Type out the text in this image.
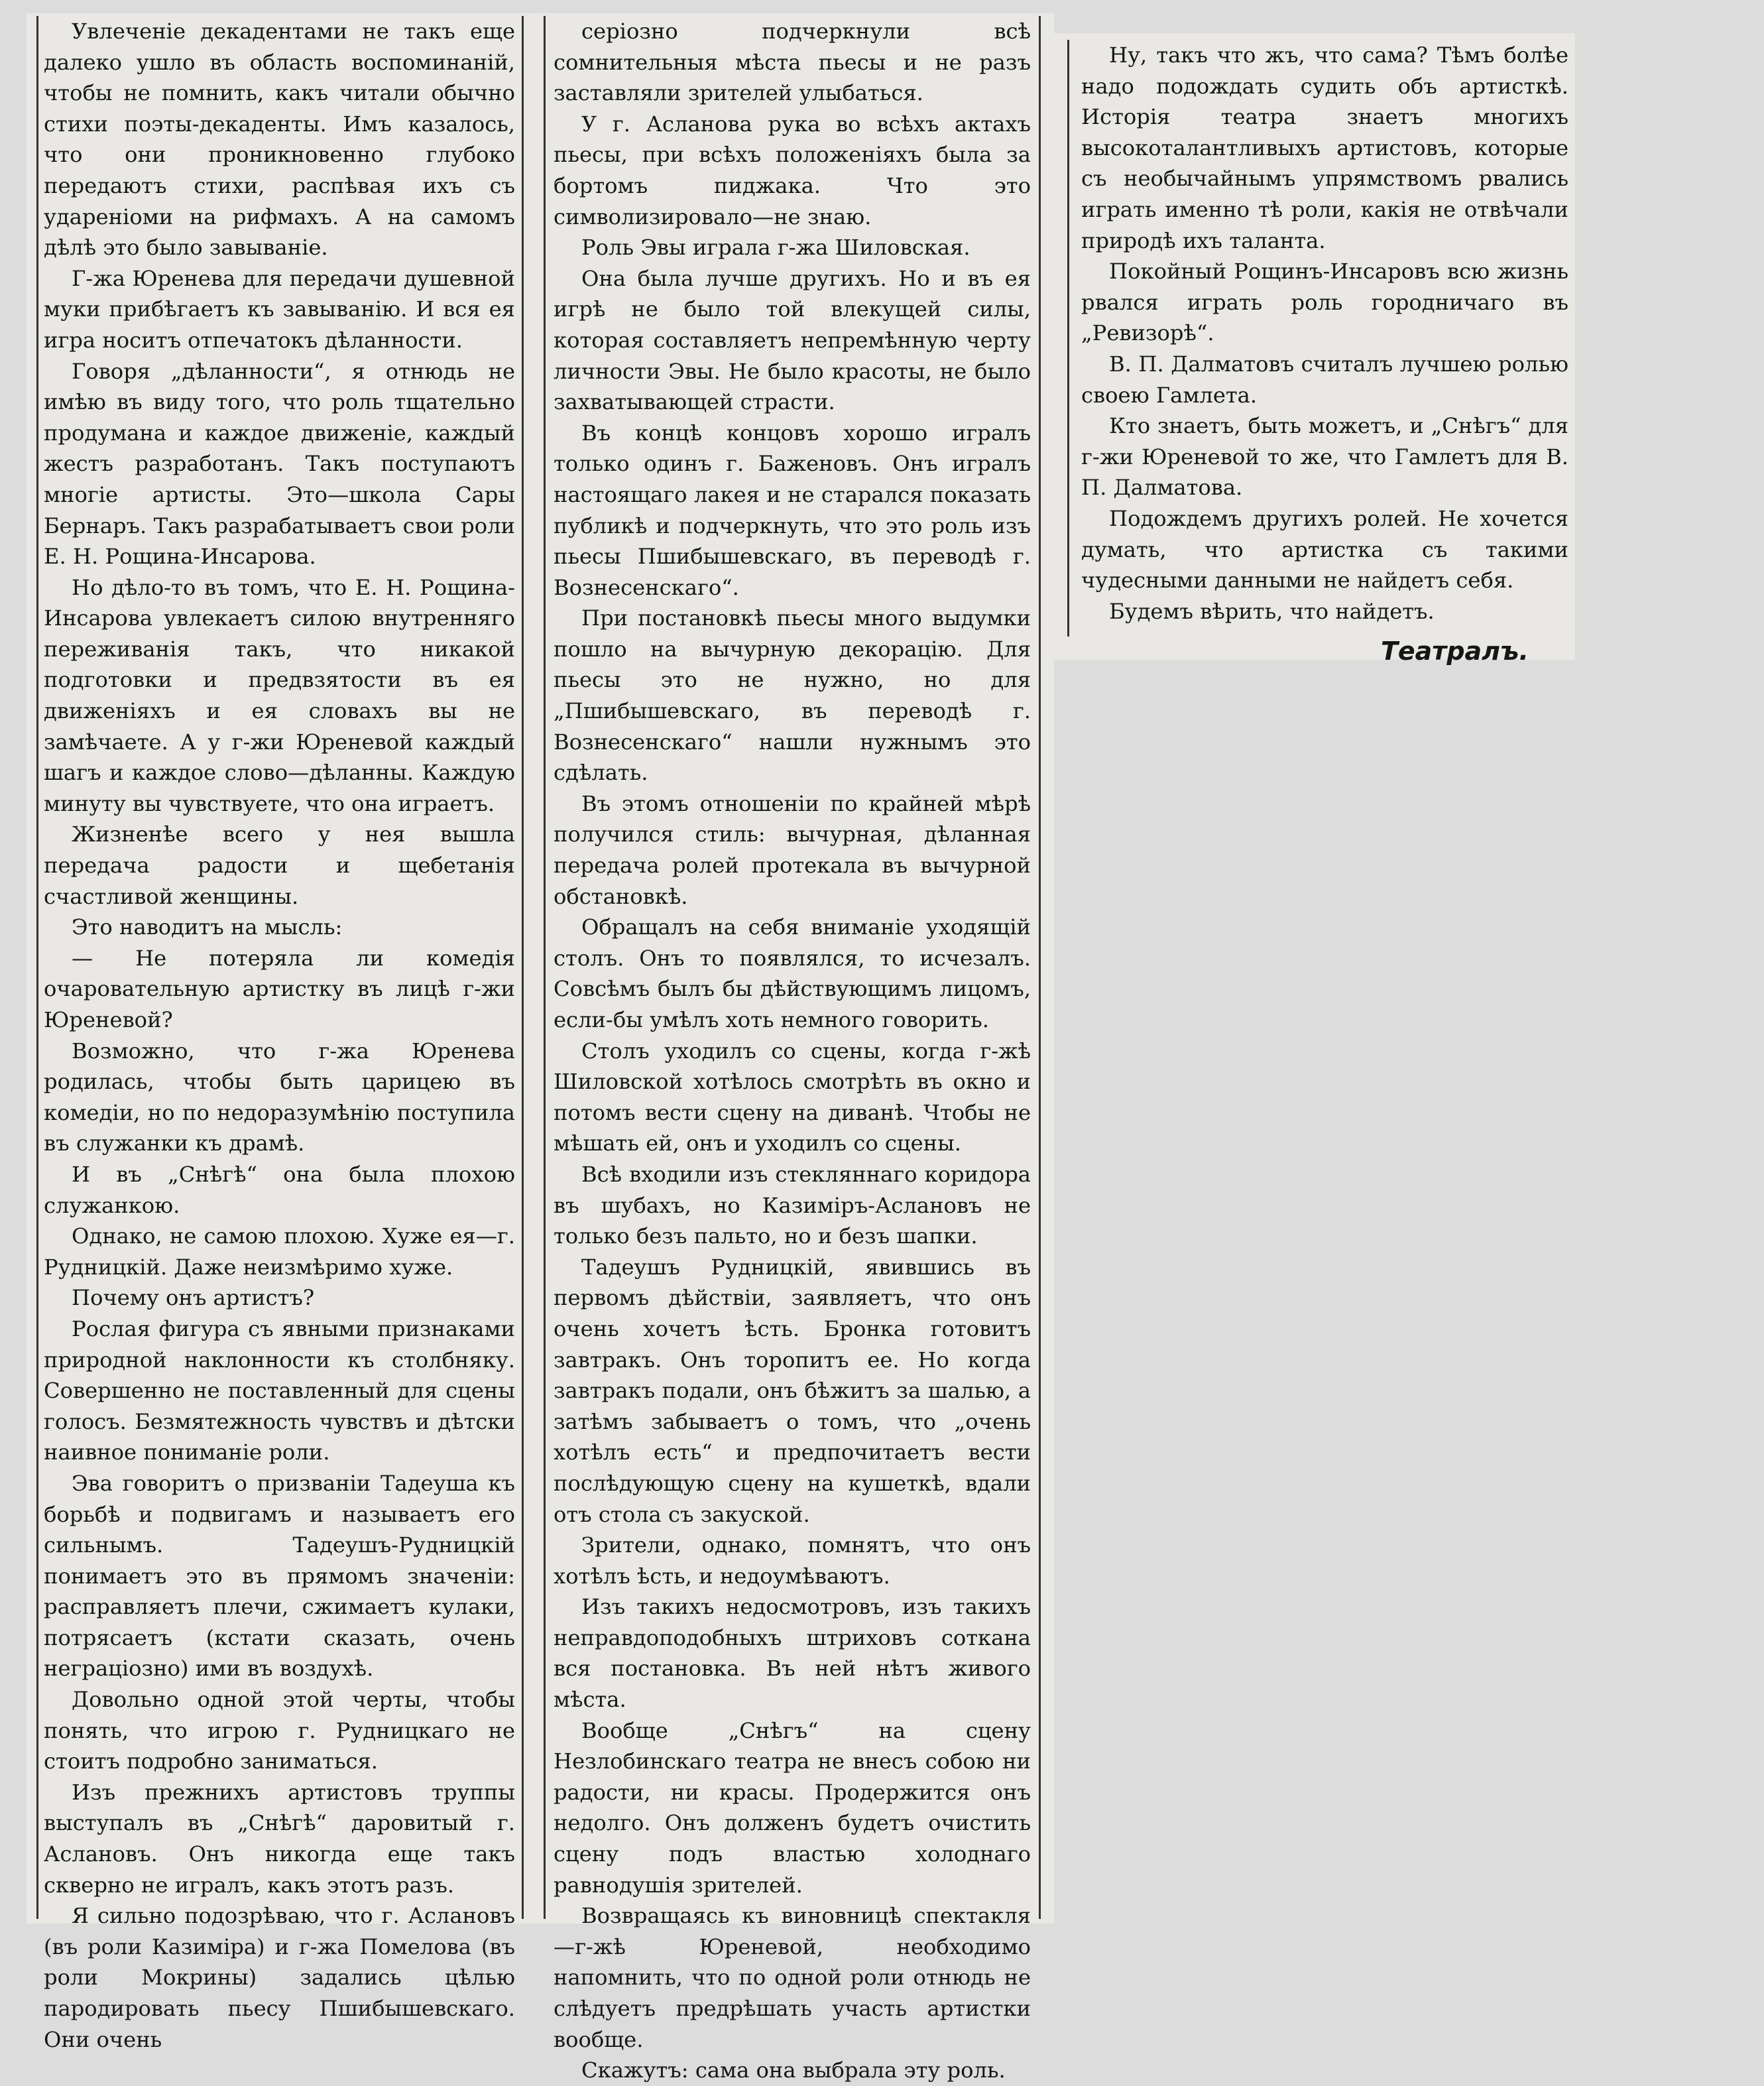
Увлеченіе декадентами не такъ еще далеко ушло въ область воспоминаній, чтобы не помнить, какъ читали обычно стихи поэты-декаденты. Имъ казалось, что они проникновенно глубоко передаютъ стихи, распѣвая ихъ съ удареніоми на рифмахъ. А на самомъ дѣлѣ это было завываніе.

Г-жа Юренева для передачи душевной муки прибѣгаетъ къ завыванію. И вся ея игра носитъ отпечатокъ дѣланности.

Говоря „дѣланности“, я отнюдь не имѣю въ виду того, что роль тщательно продумана и каждое движеніе, каждый жестъ разработанъ. Такъ поступаютъ многіе артисты. Это—школа Сары Бернаръ. Такъ разрабатываетъ свои роли Е. Н. Рощина-Инсарова.

Но дѣло-то въ томъ, что Е. Н. Рощина-Инсарова увлекаетъ силою внутренняго переживанія такъ, что никакой подготовки и предвзятости въ ея движеніяхъ и ея словахъ вы не замѣчаете. А у г-жи Юреневой каждый шагъ и каждое слово—дѣланны. Каждую минуту вы чувствуете, что она играетъ.

Жизненѣе всего у нея вышла передача радости и щебетанія счастливой женщины.

Это наводитъ на мысль:

— Не потеряла ли комедія очаровательную артистку въ лицѣ г-жи Юреневой?

Возможно, что г-жа Юренева родилась, чтобы быть царицею въ комедіи, но по недоразумѣнію поступила въ служанки къ драмѣ.

И въ „Снѣгѣ“ она была плохою служанкою.

Однако, не самою плохою. Хуже ея—г. Рудницкій. Даже неизмѣримо хуже.

Почему онъ артистъ?

Рослая фигура съ явными признаками природной наклонности къ столбняку. Совершенно не поставленный для сцены голосъ. Безмятежность чувствъ и дѣтски наивное пониманіе роли.

Эва говоритъ о призваніи Тадеуша къ борьбѣ и подвигамъ и называетъ его сильнымъ. Тадеушъ-Рудницкій понимаетъ это въ прямомъ значеніи: расправляетъ плечи, сжимаетъ кулаки, потрясаетъ (кстати сказать, очень неграціозно) ими въ воздухѣ.

Довольно одной этой черты, чтобы понять, что игрою г. Рудницкаго не стоитъ подробно заниматься.

Изъ прежнихъ артистовъ труппы выступалъ въ „Снѣгѣ“ даровитый г. Аслановъ. Онъ никогда еще такъ скверно не игралъ, какъ этотъ разъ.

Я сильно подозрѣваю, что г. Аслановъ (въ роли Казиміра) и г-жа Помелова (въ роли Мокрины) задались цѣлью пародировать пьесу Пшибышевскаго. Они очень

серіозно подчеркнули всѣ сомнительныя мѣста пьесы и не разъ заставляли зрителей улыбаться.

У г. Асланова рука во всѣхъ актахъ пьесы, при всѣхъ положеніяхъ была за бортомъ пиджака. Что это символизировало—не знаю.

Роль Эвы играла г-жа Шиловская.

Она была лучше другихъ. Но и въ ея игрѣ не было той влекущей силы, которая составляетъ непремѣнную черту личности Эвы. Не было красоты, не было захватывающей страсти.

Въ концѣ концовъ хорошо игралъ только одинъ г. Баженовъ. Онъ игралъ настоящаго лакея и не старался показать публикѣ и подчеркнуть, что это роль изъ пьесы Пшибышевскаго, въ переводѣ г. Вознесенскаго“.

При постановкѣ пьесы много выдумки пошло на вычурную декорацію. Для пьесы это не нужно, но для „Пшибышевскаго, въ переводѣ г. Вознесенскаго“ нашли нужнымъ это сдѣлать.

Въ этомъ отношеніи по крайней мѣрѣ получился стиль: вычурная, дѣланная передача ролей протекала въ вычурной обстановкѣ.

Обращалъ на себя вниманіе уходящій столъ. Онъ то появлялся, то исчезалъ. Совсѣмъ былъ бы дѣйствующимъ лицомъ, если-бы умѣлъ хоть немного говорить.

Столъ уходилъ со сцены, когда г-жѣ Шиловской хотѣлось смотрѣть въ окно и потомъ вести сцену на диванѣ. Чтобы не мѣшать ей, онъ и уходилъ со сцены.

Всѣ входили изъ стекляннаго коридора въ шубахъ, но Казиміръ-Аслановъ не только безъ пальто, но и безъ шапки.

Тадеушъ Рудницкій, явившись въ первомъ дѣйствіи, заявляетъ, что онъ очень хочетъ ѣсть. Бронка готовитъ завтракъ. Онъ торопитъ ее. Но когда завтракъ подали, онъ бѣжитъ за шалью, а затѣмъ забываетъ о томъ, что „очень хотѣлъ есть“ и предпочитаетъ вести послѣдующую сцену на кушеткѣ, вдали отъ стола съ закуской.

Зрители, однако, помнятъ, что онъ хотѣлъ ѣсть, и недоумѣваютъ.

Изъ такихъ недосмотровъ, изъ такихъ неправдоподобныхъ штриховъ соткана вся постановка. Въ ней нѣтъ живого мѣста.

Вообще „Снѣгъ“ на сцену Незлобинскаго театра не внесъ собою ни радости, ни красы. Продержится онъ недолго. Онъ долженъ будетъ очистить сцену подъ властью холоднаго равнодушія зрителей.

Возвращаясь къ виновницѣ спектакля—г-жѣ Юреневой, необходимо напомнить, что по одной роли отнюдь не слѣдуетъ предрѣшать участь артистки вообще.

Скажутъ: сама она выбрала эту роль.

Ну, такъ что жъ, что сама? Тѣмъ болѣе надо подождать судить объ артисткѣ. Исторія театра знаетъ многихъ высокоталантливыхъ артистовъ, которые съ необычайнымъ упрямствомъ рвались играть именно тѣ роли, какія не отвѣчали природѣ ихъ таланта.

Покойный Рощинъ-Инсаровъ всю жизнь рвался играть роль городничаго въ „Ревизорѣ“.

В. П. Далматовъ считалъ лучшею ролью своею Гамлета.

Кто знаетъ, быть можетъ, и „Снѣгъ“ для г-жи Юреневой то же, что Гамлетъ для В. П. Далматова.

Подождемъ другихъ ролей. Не хочется думать, что артистка съ такими чудесными данными не найдетъ себя.

Будемъ вѣрить, что найдетъ.

Театралъ.
